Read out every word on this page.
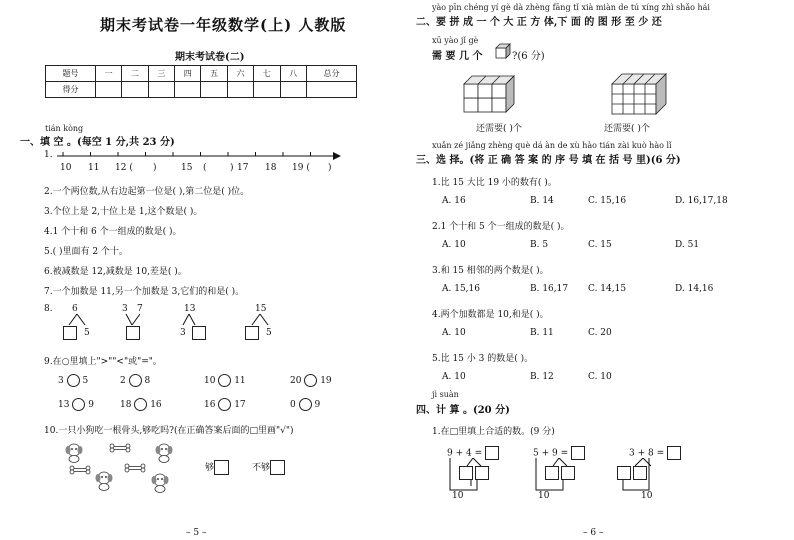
期末考试卷一年级数学(上) 人教版
期末考试卷(二)
题号	一	二	三	四	五	六	七	八	总分
得分									
tián kòng
一、填 空 。(每空 1 分,共 23 分)
1.
10 11 12 ( )	15 (	) 17 18 19 ( )
2.一个两位数,从右边起第一位是( ),第二位是( )位。
3.个位上是 2,十位上是 1,这个数是( )。
4.1 个十和 6 个一组成的数是( )。
5.( )里面有 2 个十。
6.被减数是 12,减数是 10,差是( )。
7.一个加数是 11,另一个加数是 3,它们的和是( )。
8. 6
5
3 7	13
3
15
5
9.在○里填上">""<"或"="。
3 5	2 8	10 11	20 19
13 9	18 16	16 17	0 9
10.一只小狗吃一根骨头,够吃吗?(在正确答案后面的□里画"√")
够	不够
– 5 –
yào pīn chéng yí gè dà zhèng fāng tǐ xià miàn de tú xíng zhì shǎo hái
二、要 拼 成 一 个 大 正 方 体,下 面 的 图 形 至 少 还
xū yào jǐ gè
需 要 几 个	?(6 分)
还需要( )个	还需要( )个
xuǎn zé jiǎng zhèng què dá àn de xù hào tián zài kuò hào lǐ
三、选 择。(将 正 确 答 案 的 序 号 填 在 括 号 里)(6 分)
1.比 15 大比 19 小的数有( )。
A. 16	B. 14	C. 15,16	D. 16,17,18
2.1 个十和 5 个一组成的数是( )。
A. 10	B. 5	C. 15	D. 51
3.和 15 相邻的两个数是( )。
A. 15,16	B. 16,17 C. 14,15	D. 14,16
4.两个加数都是 10,和是( )。
A. 10	B. 11	C. 20
5.比 15 小 3 的数是( )。
A. 10	B. 12	C. 10
jì suàn
四、计 算 。(20 分)
1.在□里填上合适的数。(9 分)
9 + 4 =
10
5 + 9 =
10
3 + 8 =
10
– 6 –
